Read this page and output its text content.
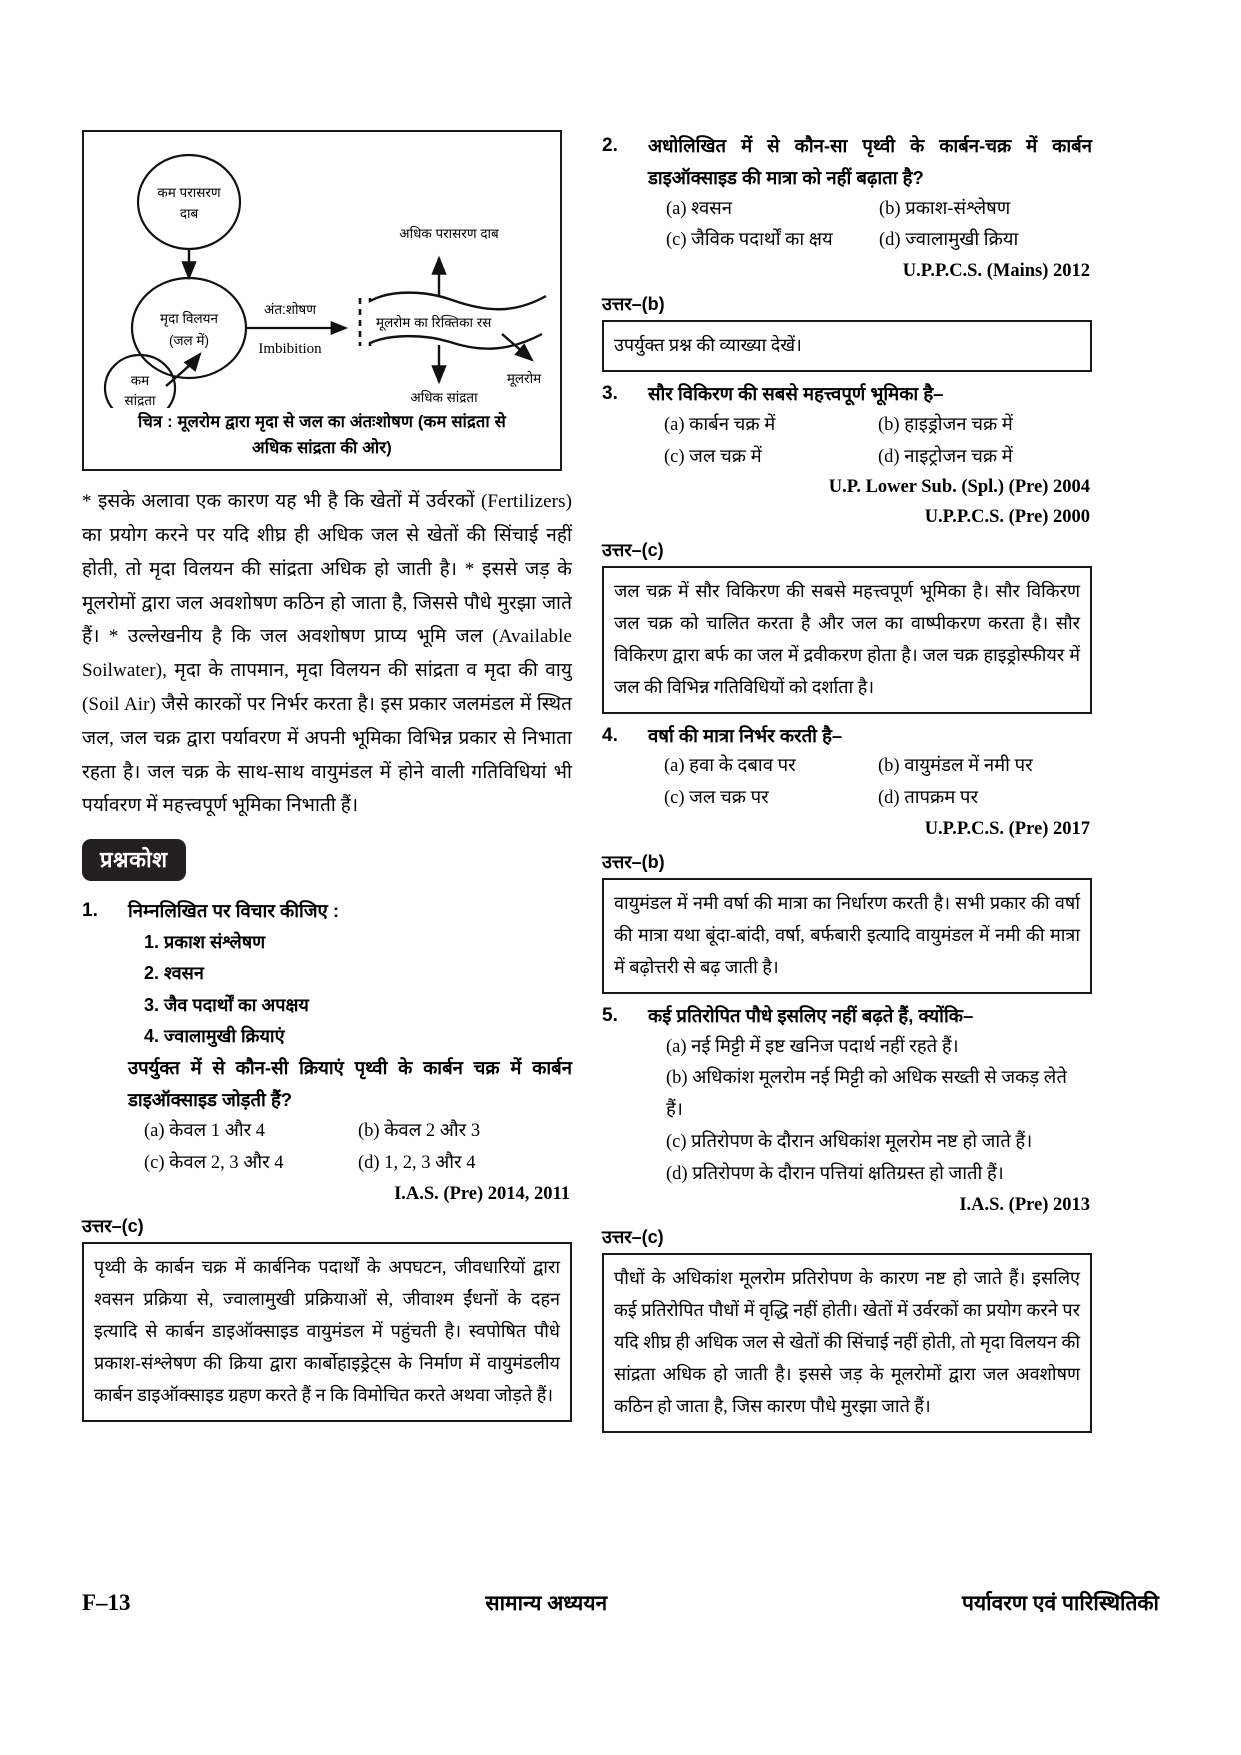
कम परासरण
दाब
मृदा विलयन
(जल में)
कम
सांद्रता
अंत:शोषण
Imbibition
मूलरोम का रिक्तिका रस
अधिक परासरण दाब
अधिक सांद्रता
मूलरोम
चित्र : मूलरोम द्वारा मृदा से जल का अंतःशोषण (कम सांद्रता से
अधिक सांद्रता की ओर)

* इसके अलावा एक कारण यह भी है कि खेतों में उर्वरकों (Fertilizers) का प्रयोग करने पर यदि शीघ्र ही अधिक जल से खेतों की सिंचाई नहीं होती, तो मृदा विलयन की सांद्रता अधिक हो जाती है। * इससे जड़ के मूलरोमों द्वारा जल अवशोषण कठिन हो जाता है, जिससे पौधे मुरझा जाते हैं। * उल्लेखनीय है कि जल अवशोषण प्राप्य भूमि जल (Available Soilwater), मृदा के तापमान, मृदा विलयन की सांद्रता व मृदा की वायु (Soil Air) जैसे कारकों पर निर्भर करता है। इस प्रकार जलमंडल में स्थित जल, जल चक्र द्वारा पर्यावरण में अपनी भूमिका विभिन्न प्रकार से निभाता रहता है। जल चक्र के साथ-साथ वायुमंडल में होने वाली गतिविधियां भी पर्यावरण में महत्त्वपूर्ण भूमिका निभाती हैं।

प्रश्नकोश
1.	निम्नलिखित पर विचार कीजिए :
1. प्रकाश संश्लेषण
2. श्वसन
3. जैव पदार्थों का अपक्षय
4. ज्वालामुखी क्रियाएं
उपर्युक्त में से कौन-सी क्रियाएं पृथ्वी के कार्बन चक्र में कार्बन डाइऑक्साइड जोड़ती हैं?
(a) केवल 1 और 4	(b) केवल 2 और 3
(c) केवल 2, 3 और 4	(d) 1, 2, 3 और 4
I.A.S. (Pre) 2014, 2011
उत्तर–(c)
पृथ्वी के कार्बन चक्र में कार्बनिक पदार्थों के अपघटन, जीवधारियों द्वारा श्वसन प्रक्रिया से, ज्वालामुखी प्रक्रियाओं से, जीवाश्म ईंधनों के दहन इत्यादि से कार्बन डाइऑक्साइड वायुमंडल में पहुंचती है। स्वपोषित पौधे प्रकाश-संश्लेषण की क्रिया द्वारा कार्बोहाइड्रेट्स के निर्माण में वायुमंडलीय कार्बन डाइऑक्साइड ग्रहण करते हैं न कि विमोचित करते अथवा जोड़ते हैं।
2.	अधोलिखित में से कौन-सा पृथ्वी के कार्बन-चक्र में कार्बन डाइऑक्साइड की मात्रा को नहीं बढ़ाता है?
(a) श्वसन	(b) प्रकाश-संश्लेषण
(c) जैविक पदार्थों का क्षय	(d) ज्वालामुखी क्रिया
U.P.P.C.S. (Mains) 2012
उत्तर–(b)
उपर्युक्त प्रश्न की व्याख्या देखें।
3.	सौर विकिरण की सबसे महत्त्वपूर्ण भूमिका है–
(a) कार्बन चक्र में	(b) हाइड्रोजन चक्र में
(c) जल चक्र में	(d) नाइट्रोजन चक्र में
U.P. Lower Sub. (Spl.) (Pre) 2004
U.P.P.C.S. (Pre) 2000
उत्तर–(c)
जल चक्र में सौर विकिरण की सबसे महत्त्वपूर्ण भूमिका है। सौर विकिरण जल चक्र को चालित करता है और जल का वाष्पीकरण करता है। सौर विकिरण द्वारा बर्फ का जल में द्रवीकरण होता है। जल चक्र हाइड्रोस्फीयर में जल की विभिन्न गतिविधियों को दर्शाता है।
4.	वर्षा की मात्रा निर्भर करती है–
(a) हवा के दबाव पर	(b) वायुमंडल में नमी पर
(c) जल चक्र पर	(d) तापक्रम पर
U.P.P.C.S. (Pre) 2017
उत्तर–(b)
वायुमंडल में नमी वर्षा की मात्रा का निर्धारण करती है। सभी प्रकार की वर्षा की मात्रा यथा बूंदा-बांदी, वर्षा, बर्फबारी इत्यादि वायुमंडल में नमी की मात्रा में बढ़ोत्तरी से बढ़ जाती है।
5.	कई प्रतिरोपित पौधे इसलिए नहीं बढ़ते हैं, क्योंकि–
(a) नई मिट्टी में इष्ट खनिज पदार्थ नहीं रहते हैं।
(b) अधिकांश मूलरोम नई मिट्टी को अधिक सख्ती से जकड़ लेते हैं।
(c) प्रतिरोपण के दौरान अधिकांश मूलरोम नष्ट हो जाते हैं।
(d) प्रतिरोपण के दौरान पत्तियां क्षतिग्रस्त हो जाती हैं।
I.A.S. (Pre) 2013
उत्तर–(c)
पौधों के अधिकांश मूलरोम प्रतिरोपण के कारण नष्ट हो जाते हैं। इसलिए कई प्रतिरोपित पौधों में वृद्धि नहीं होती। खेतों में उर्वरकों का प्रयोग करने पर यदि शीघ्र ही अधिक जल से खेतों की सिंचाई नहीं होती, तो मृदा विलयन की सांद्रता अधिक हो जाती है। इससे जड़ के मूलरोमों द्वारा जल अवशोषण कठिन हो जाता है, जिस कारण पौधे मुरझा जाते हैं।
F–13	सामान्य अध्ययन	पर्यावरण एवं पारिस्थितिकी
